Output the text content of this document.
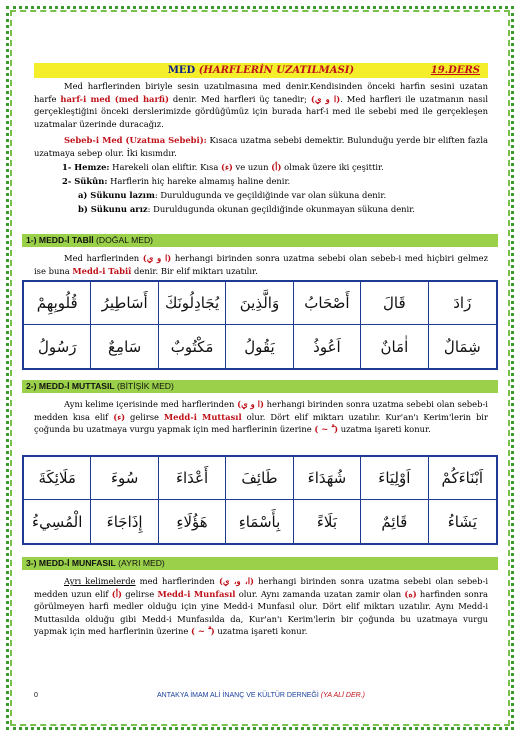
MED (HARFLERİN UZATILMASI)	19.DERS
Med harflerinden biriyle sesin uzatılmasına med denir.Kendisinden önceki harfin sesini uzatan harfe harf-i med (med harfi) denir. Med harfleri üç tanedir; (ا و ي). Med harfleri ile uzatmanın nasıl gerçekleştiğini önceki derslerimizde gördüğümüz için burada harf-i med ile sebebi med ile gerçekleşen uzatmalar üzerinde duracağız.
Sebeb-i Med (Uzatma Sebebi): Kısaca uzatma sebebi demektir. Bulunduğu yerde bir eliften fazla uzatmaya sebep olur. İki kısımdır.
1- Hemze: Harekeli olan eliftir. Kısa (ء) ve uzun (أ) olmak üzere iki çeşittir.
2- Sükûn: Harflerin hiç hareke almamış haline denir.
a) Sükunu lazım: Duruldugunda ve geçildiğinde var olan sükuna denir.
b) Sükunu arız: Duruldugunda okunan geçildiğinde okunmayan sükuna denir.
1-) MEDD-İ TABİİ (DOĞAL MED)
Med harflerinden (ا و ي) herhangi birinden sonra uzatma sebebi olan sebeb-i med hiçbiri gelmez ise buna Medd-i Tabiî denir. Bir elif miktarı uzatılır.
قُلُوبِهِمْ	أَسَاطِيرُ	يُجَادِلُونَكَ	وَالَّذِينَ	أَصْحَابُ	قَالَ	زَادَ
رَسُولُ	سَامِعٌ	مَكْتُوبٌ	يَقُولُ	اَعُوذُ	اٰمَانٌ	شِمَالٌ
2-) MEDD-İ MUTTASIL (BİTİŞİK MED)
Aynı kelime içerisinde med harflerinden (ا و ي) herhangi birinden sonra uzatma sebebi olan sebeb-i medden kısa elif (ء) gelirse Medd-i Muttasıl olur. Dört elif miktarı uzatılır. Kur'an'ı Kerim'lerin bir çoğunda bu uzatmaya vurgu yapmak için med harflerinin üzerine ( ~ ۗ ) uzatma işareti konur.
مَلَائِكَةَ	سُوءَ	أَعْدَاءَ	طَائِفَ	شُهَدَاءَ	اَوْلِيَاءَ	اَبْنَاءَكُمْ
الْمُسِيءُ	إِذَاجَاءَ	هَؤُلَاءِ	بِأَسْمَاءِ	بَلَاءً	قَائِمٌ	يَشَاءُ
3-) MEDD-İ MUNFASIL (AYRI MED)
Ayrı kelimelerde med harflerinden (ا، و، ي) herhangi birinden sonra uzatma sebebi olan sebeb-i medden uzun elif (أ) gelirse Medd-i Munfasıl olur. Aynı zamanda uzatan zamir olan (ه) harfinden sonra görülmeyen harfi medler olduğu için yine Medd-i Munfasıl olur. Dört elif miktarı uzatılır. Aynı Medd-i Muttasılda olduğu gibi Medd-i Munfasılda da, Kur'an'ı Kerim'lerin bir çoğunda bu uzatmaya vurgu yapmak için med harflerinin üzerine ( ~ ۗ ) uzatma işareti konur.
0	ANTAKYA İMAM ALİ İNANÇ VE KÜLTÜR DERNEĞİ (YA ALİ DER.)
